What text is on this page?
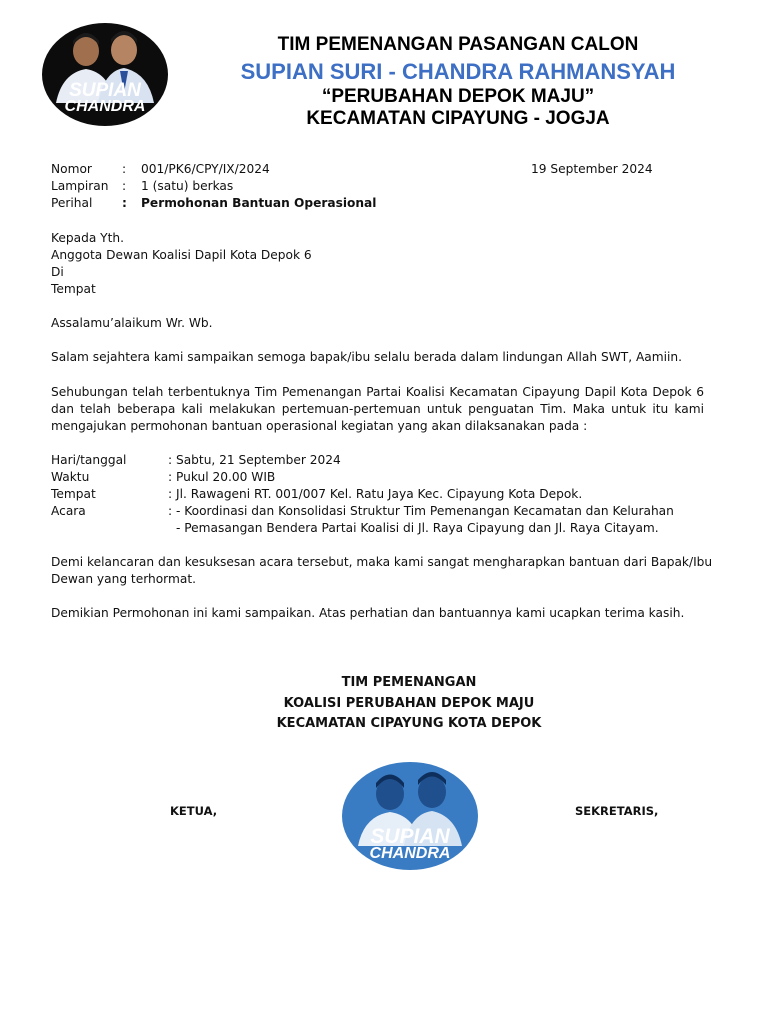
SUPIAN
CHANDRA
TIM PEMENANGAN PASANGAN CALON
SUPIAN SURI - CHANDRA RAHMANSYAH
“PERUBAHAN DEPOK MAJU”
KECAMATAN CIPAYUNG - JOGJA
Nomor : 001/PK6/CPY/IX/2024	19 September 2024
Lampiran : 1 (satu) berkas
Perihal : Permohonan Bantuan Operasional
Kepada Yth.
Anggota Dewan Koalisi Dapil Kota Depok 6
Di
Tempat
Assalamu’alaikum Wr. Wb.
Salam sejahtera kami sampaikan semoga bapak/ibu selalu berada dalam lindungan Allah SWT, Aamiin.
Sehubungan telah terbentuknya Tim Pemenangan Partai Koalisi Kecamatan Cipayung Dapil Kota Depok 6
dan telah beberapa kali melakukan pertemuan-pertemuan untuk penguatan Tim. Maka untuk itu kami
mengajukan permohonan bantuan operasional kegiatan yang akan dilaksanakan pada :
Hari/tanggal	: Sabtu, 21 September 2024
Waktu	: Pukul 20.00 WIB
Tempat	: Jl. Rawageni RT. 001/007 Kel. Ratu Jaya Kec. Cipayung Kota Depok.
Acara	: - Koordinasi dan Konsolidasi Struktur Tim Pemenangan Kecamatan dan Kelurahan
- Pemasangan Bendera Partai Koalisi di Jl. Raya Cipayung dan Jl. Raya Citayam.
Demi kelancaran dan kesuksesan acara tersebut, maka kami sangat mengharapkan bantuan dari Bapak/Ibu
Dewan yang terhormat.
Demikian Permohonan ini kami sampaikan. Atas perhatian dan bantuannya kami ucapkan terima kasih.
TIM PEMENANGAN
KOALISI PERUBAHAN DEPOK MAJU
KECAMATAN CIPAYUNG KOTA DEPOK
KETUA,	SEKRETARIS,
SUPIAN
CHANDRA
